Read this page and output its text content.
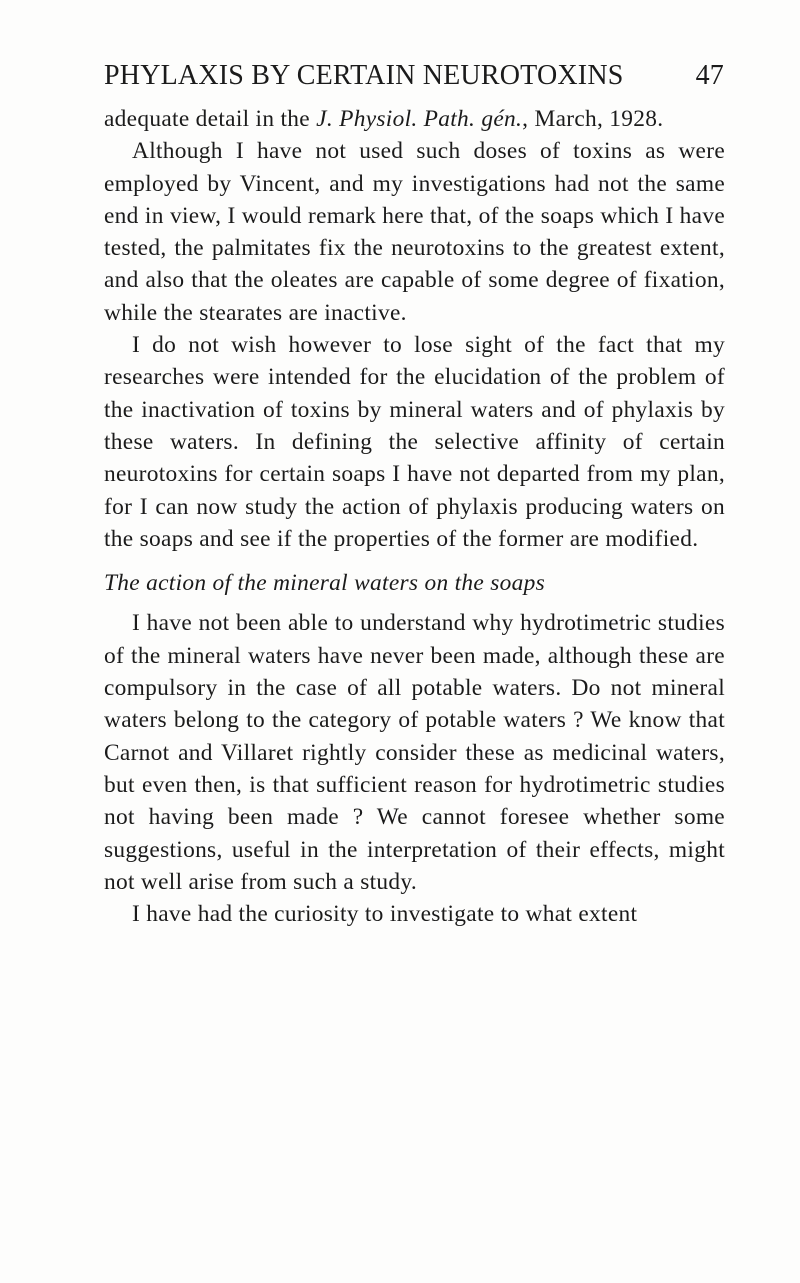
PHYLAXIS BY CERTAIN NEUROTOXINS	47

adequate detail in the J. Physiol. Path. gén., March, 1928.

Although I have not used such doses of toxins as were employed by Vincent, and my investigations had not the same end in view, I would remark here that, of the soaps which I have tested, the palmitates fix the neurotoxins to the greatest extent, and also that the oleates are capable of some degree of fixation, while the stearates are inactive.

I do not wish however to lose sight of the fact that my researches were intended for the elucidation of the problem of the inactivation of toxins by mineral waters and of phylaxis by these waters. In defining the selective affinity of certain neurotoxins for certain soaps I have not departed from my plan, for I can now study the action of phylaxis producing waters on the soaps and see if the properties of the former are modified.

The action of the mineral waters on the soaps

I have not been able to understand why hydrotimetric studies of the mineral waters have never been made, although these are compulsory in the case of all potable waters. Do not mineral waters belong to the category of potable waters ? We know that Carnot and Villaret rightly consider these as medicinal waters, but even then, is that sufficient reason for hydrotimetric studies not having been made ? We cannot foresee whether some suggestions, useful in the interpretation of their effects, might not well arise from such a study.

I have had the curiosity to investigate to what extent
